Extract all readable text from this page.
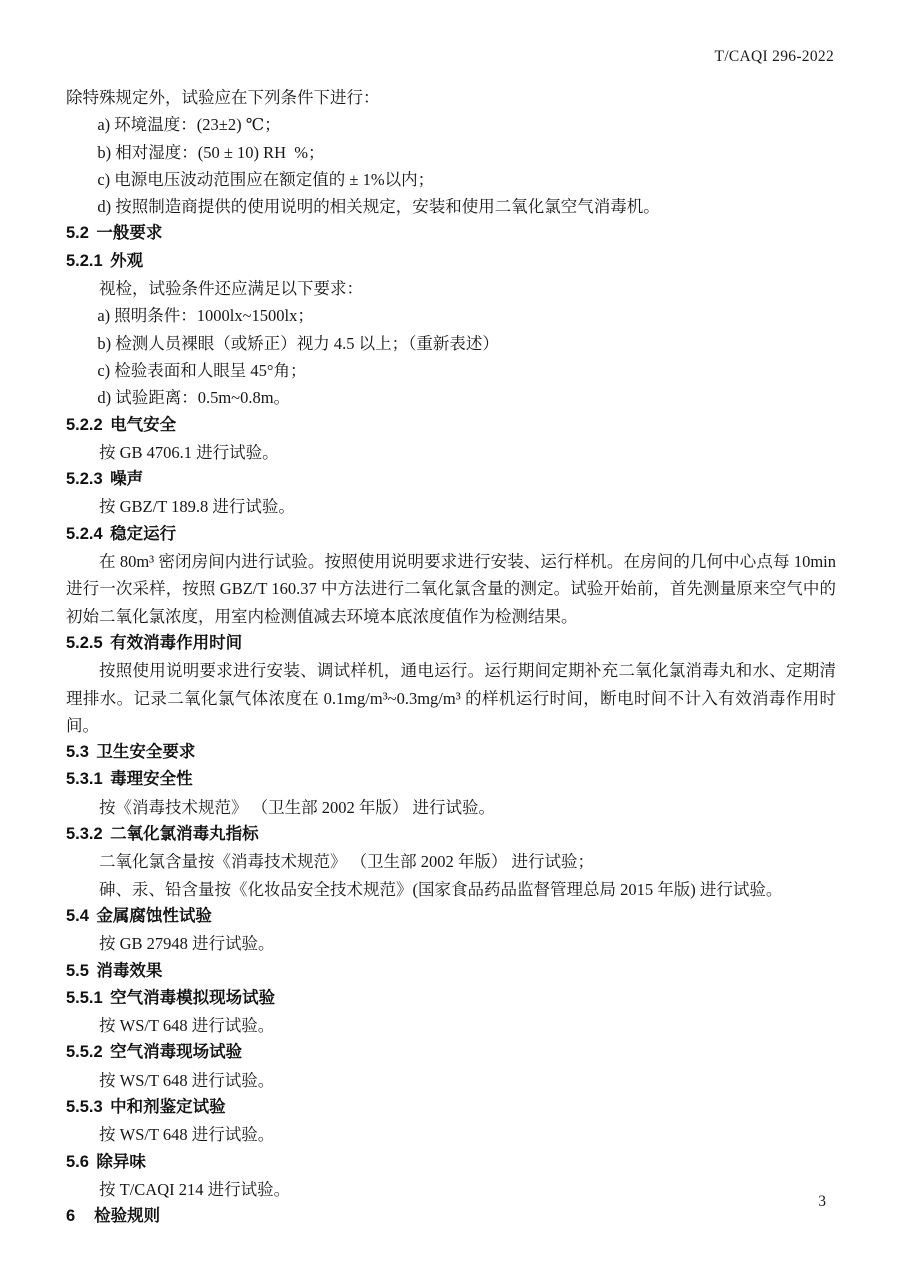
T/CAQI 296-2022

除特殊规定外，试验应在下列条件下进行：

a) 环境温度：(23±2) ℃；
b) 相对湿度：(50 ± 10) RH  %；
c) 电源电压波动范围应在额定值的 ± 1%以内；
d) 按照制造商提供的使用说明的相关规定，安装和使用二氧化氯空气消毒机。
5.2 一般要求
5.2.1 外观

视检，试验条件还应满足以下要求：

a) 照明条件：1000lx~1500lx；
b) 检测人员裸眼（或矫正）视力 4.5 以上；（重新表述）
c) 检验表面和人眼呈 45°角；
d) 试验距离：0.5m~0.8m。
5.2.2 电气安全

按 GB 4706.1 进行试验。

5.2.3 噪声

按 GBZ/T 189.8 进行试验。

5.2.4 稳定运行

在 80m³ 密闭房间内进行试验。按照使用说明要求进行安装、运行样机。在房间的几何中心点每 10min 进行一次采样，按照 GBZ/T 160.37 中方法进行二氧化氯含量的测定。试验开始前，首先测量原来空气中的初始二氧化氯浓度，用室内检测值减去环境本底浓度值作为检测结果。

5.2.5 有效消毒作用时间

按照使用说明要求进行安装、调试样机，通电运行。运行期间定期补充二氧化氯消毒丸和水、定期清理排水。记录二氧化氯气体浓度在 0.1mg/m³~0.3mg/m³ 的样机运行时间，断电时间不计入有效消毒作用时间。

5.3 卫生安全要求
5.3.1 毒理安全性

按《消毒技术规范》 （卫生部 2002 年版） 进行试验。

5.3.2 二氧化氯消毒丸指标

二氧化氯含量按《消毒技术规范》 （卫生部 2002 年版） 进行试验；

砷、汞、铅含量按《化妆品安全技术规范》(国家食品药品监督管理总局 2015 年版) 进行试验。

5.4 金属腐蚀性试验

按 GB 27948 进行试验。

5.5 消毒效果
5.5.1 空气消毒模拟现场试验

按 WS/T 648 进行试验。

5.5.2 空气消毒现场试验

按 WS/T 648 进行试验。

5.5.3 中和剂鉴定试验

按 WS/T 648 进行试验。

5.6 除异味

按 T/CAQI 214 进行试验。

6 检验规则
3
